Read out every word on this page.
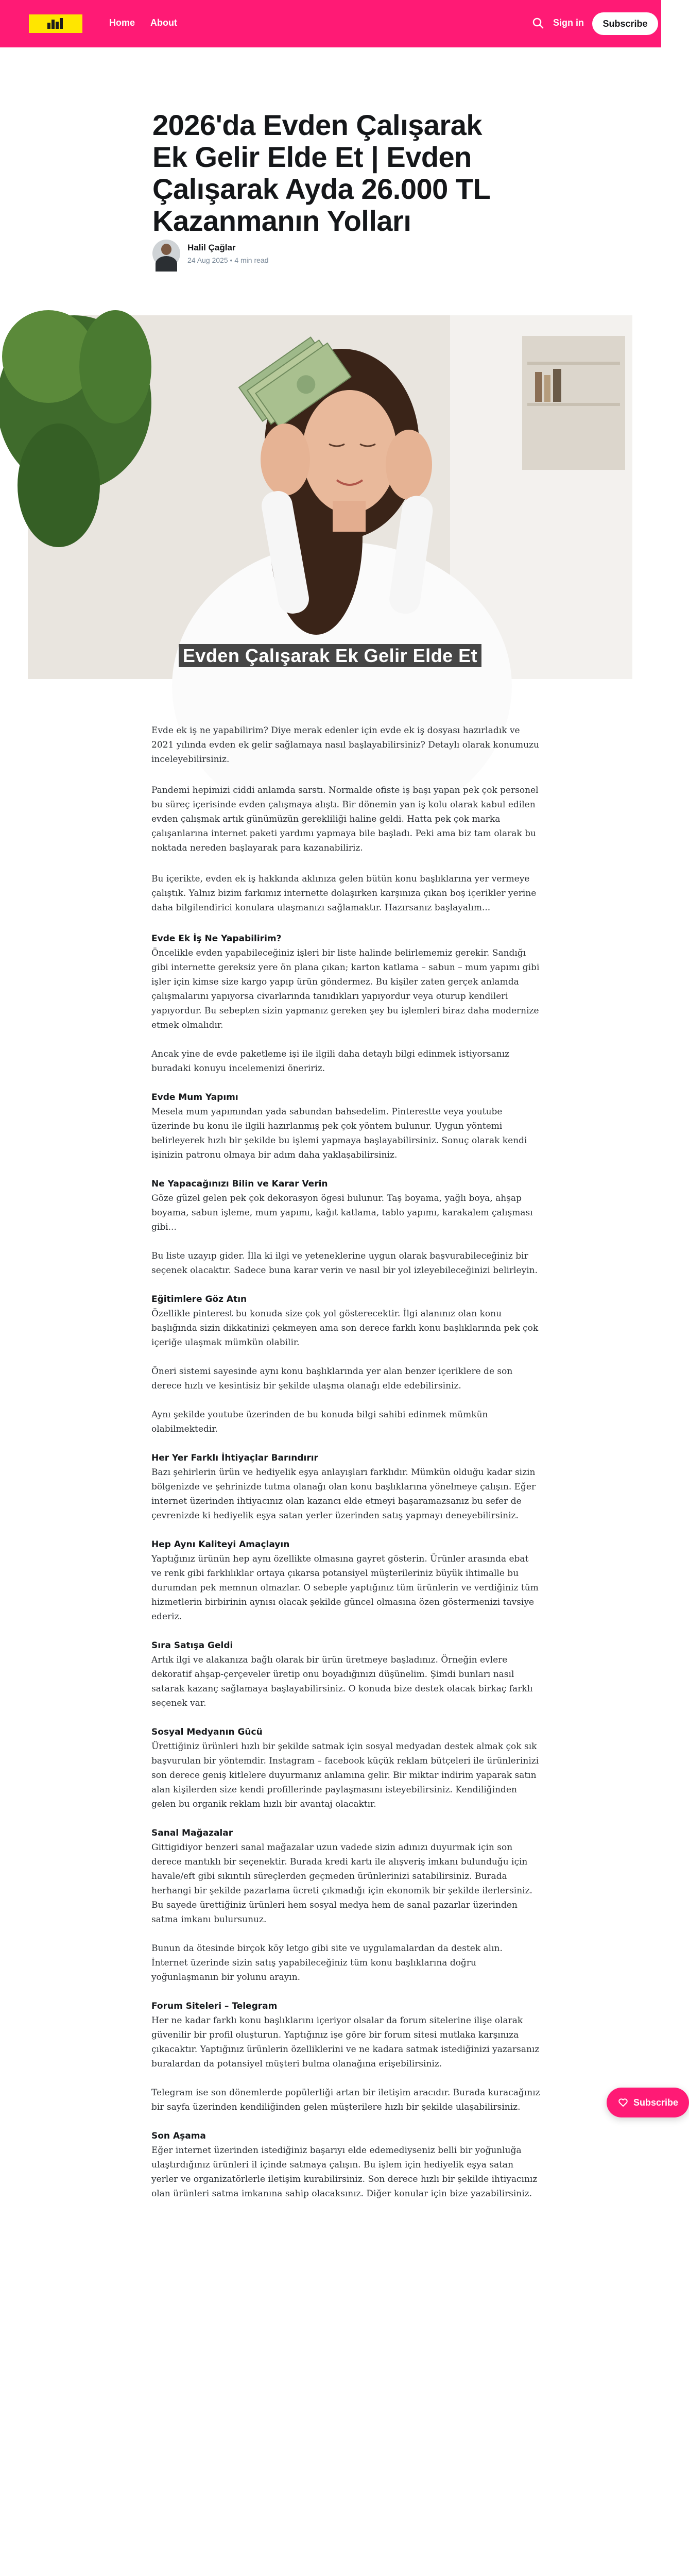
Home About	Sign in	Subscribe
2026'da Evden Çalışarak Ek Gelir Elde Et | Evden Çalışarak Ayda 26.000 TL Kazanmanın Yolları
Halil Çağlar
24 Aug 2025 • 4 min read
Evden Çalışarak Ek Gelir Elde Et

Evde ek iş ne yapabilirim? Diye merak edenler için evde ek iş dosyası hazırladık ve 2021 yılında evden ek gelir sağlamaya nasıl başlayabilirsiniz? Detaylı olarak konumuzu inceleyebilirsiniz.

Pandemi hepimizi ciddi anlamda sarstı. Normalde ofiste iş başı yapan pek çok personel bu süreç içerisinde evden çalışmaya alıştı. Bir dönemin yan iş kolu olarak kabul edilen evden çalışmak artık günümüzün gerekliliği haline geldi. Hatta pek çok marka çalışanlarına internet paketi yardımı yapmaya bile başladı. Peki ama biz tam olarak bu noktada nereden başlayarak para kazanabiliriz.

Bu içerikte, evden ek iş hakkında aklınıza gelen bütün konu başlıklarına yer vermeye çalıştık. Yalnız bizim farkımız internette dolaşırken karşınıza çıkan boş içerikler yerine daha bilgilendirici konulara ulaşmanızı sağlamaktır. Hazırsanız başlayalım...

Evde Ek İş Ne Yapabilirim?

Öncelikle evden yapabileceğiniz işleri bir liste halinde belirlememiz gerekir. Sandığı gibi internette gereksiz yere ön plana çıkan; karton katlama – sabun – mum yapımı gibi işler için kimse size kargo yapıp ürün göndermez. Bu kişiler zaten gerçek anlamda çalışmalarını yapıyorsa civarlarında tanıdıkları yapıyordur veya oturup kendileri yapıyordur. Bu sebepten sizin yapmanız gereken şey bu işlemleri biraz daha modernize etmek olmalıdır.

Ancak yine de evde paketleme işi ile ilgili daha detaylı bilgi edinmek istiyorsanız buradaki konuyu incelemenizi öneririz.

Evde Mum Yapımı

Mesela mum yapımından yada sabundan bahsedelim. Pinterestte veya youtube üzerinde bu konu ile ilgili hazırlanmış pek çok yöntem bulunur. Uygun yöntemi belirleyerek hızlı bir şekilde bu işlemi yapmaya başlayabilirsiniz. Sonuç olarak kendi işinizin patronu olmaya bir adım daha yaklaşabilirsiniz.

Ne Yapacağınızı Bilin ve Karar Verin

Göze güzel gelen pek çok dekorasyon ögesi bulunur. Taş boyama, yağlı boya, ahşap boyama, sabun işleme, mum yapımı, kağıt katlama, tablo yapımı, karakalem çalışması gibi...

Bu liste uzayıp gider. İlla ki ilgi ve yeteneklerine uygun olarak başvurabileceğiniz bir seçenek olacaktır. Sadece buna karar verin ve nasıl bir yol izleyebileceğinizi belirleyin.

Eğitimlere Göz Atın

Özellikle pinterest bu konuda size çok yol gösterecektir. İlgi alanınız olan konu başlığında sizin dikkatinizi çekmeyen ama son derece farklı konu başlıklarında pek çok içeriğe ulaşmak mümkün olabilir.

Öneri sistemi sayesinde aynı konu başlıklarında yer alan benzer içeriklere de son derece hızlı ve kesintisiz bir şekilde ulaşma olanağı elde edebilirsiniz.

Aynı şekilde youtube üzerinden de bu konuda bilgi sahibi edinmek mümkün olabilmektedir.

Her Yer Farklı İhtiyaçlar Barındırır

Bazı şehirlerin ürün ve hediyelik eşya anlayışları farklıdır. Mümkün olduğu kadar sizin bölgenizde ve şehrinizde tutma olanağı olan konu başlıklarına yönelmeye çalışın. Eğer internet üzerinden ihtiyacınız olan kazancı elde etmeyi başaramazsanız bu sefer de çevrenizde ki hediyelik eşya satan yerler üzerinden satış yapmayı deneyebilirsiniz.

Hep Aynı Kaliteyi Amaçlayın

Yaptığınız ürünün hep aynı özellikte olmasına gayret gösterin. Ürünler arasında ebat ve renk gibi farklılıklar ortaya çıkarsa potansiyel müşterileriniz büyük ihtimalle bu durumdan pek memnun olmazlar. O sebeple yaptığınız tüm ürünlerin ve verdiğiniz tüm hizmetlerin birbirinin aynısı olacak şekilde güncel olmasına özen göstermenizi tavsiye ederiz.

Sıra Satışa Geldi

Artık ilgi ve alakanıza bağlı olarak bir ürün üretmeye başladınız. Örneğin evlere dekoratif ahşap-çerçeveler üretip onu boyadığınızı düşünelim. Şimdi bunları nasıl satarak kazanç sağlamaya başlayabilirsiniz. O konuda bize destek olacak birkaç farklı seçenek var.

Sosyal Medyanın Gücü

Ürettiğiniz ürünleri hızlı bir şekilde satmak için sosyal medyadan destek almak çok sık başvurulan bir yöntemdir. Instagram – facebook küçük reklam bütçeleri ile ürünlerinizi son derece geniş kitlelere duyurmanız anlamına gelir. Bir miktar indirim yaparak satın alan kişilerden size kendi profillerinde paylaşmasını isteyebilirsiniz. Kendiliğinden gelen bu organik reklam hızlı bir avantaj olacaktır.

Sanal Mağazalar

Gittigidiyor benzeri sanal mağazalar uzun vadede sizin adınızı duyurmak için son derece mantıklı bir seçenektir. Burada kredi kartı ile alışveriş imkanı bulunduğu için havale/eft gibi sıkıntılı süreçlerden geçmeden ürünlerinizi satabilirsiniz. Burada herhangi bir şekilde pazarlama ücreti çıkmadığı için ekonomik bir şekilde ilerlersiniz. Bu sayede ürettiğiniz ürünleri hem sosyal medya hem de sanal pazarlar üzerinden satma imkanı bulursunuz.

Bunun da ötesinde birçok köy letgo gibi site ve uygulamalardan da destek alın. İnternet üzerinde sizin satış yapabileceğiniz tüm konu başlıklarına doğru yoğunlaşmanın bir yolunu arayın.

Forum Siteleri – Telegram

Her ne kadar farklı konu başlıklarını içeriyor olsalar da forum sitelerine ilişe olarak güvenilir bir profil oluşturun. Yaptığınız işe göre bir forum sitesi mutlaka karşınıza çıkacaktır. Yaptığınız ürünlerin özelliklerini ve ne kadara satmak istediğinizi yazarsanız buralardan da potansiyel müşteri bulma olanağına erişebilirsiniz.

Telegram ise son dönemlerde popülerliği artan bir iletişim aracıdır. Burada kuracağınız bir sayfa üzerinden kendiliğinden gelen müşterilere hızlı bir şekilde ulaşabilirsiniz.

Son Aşama

Eğer internet üzerinden istediğiniz başarıyı elde edemediyseniz belli bir yoğunluğa ulaştırdığınız ürünleri il içinde satmaya çalışın. Bu işlem için hediyelik eşya satan yerler ve organizatörlerle iletişim kurabilirsiniz. Son derece hızlı bir şekilde ihtiyacınız olan ürünleri satma imkanına sahip olacaksınız. Diğer konular için bize yazabilirsiniz.

Subscribe
